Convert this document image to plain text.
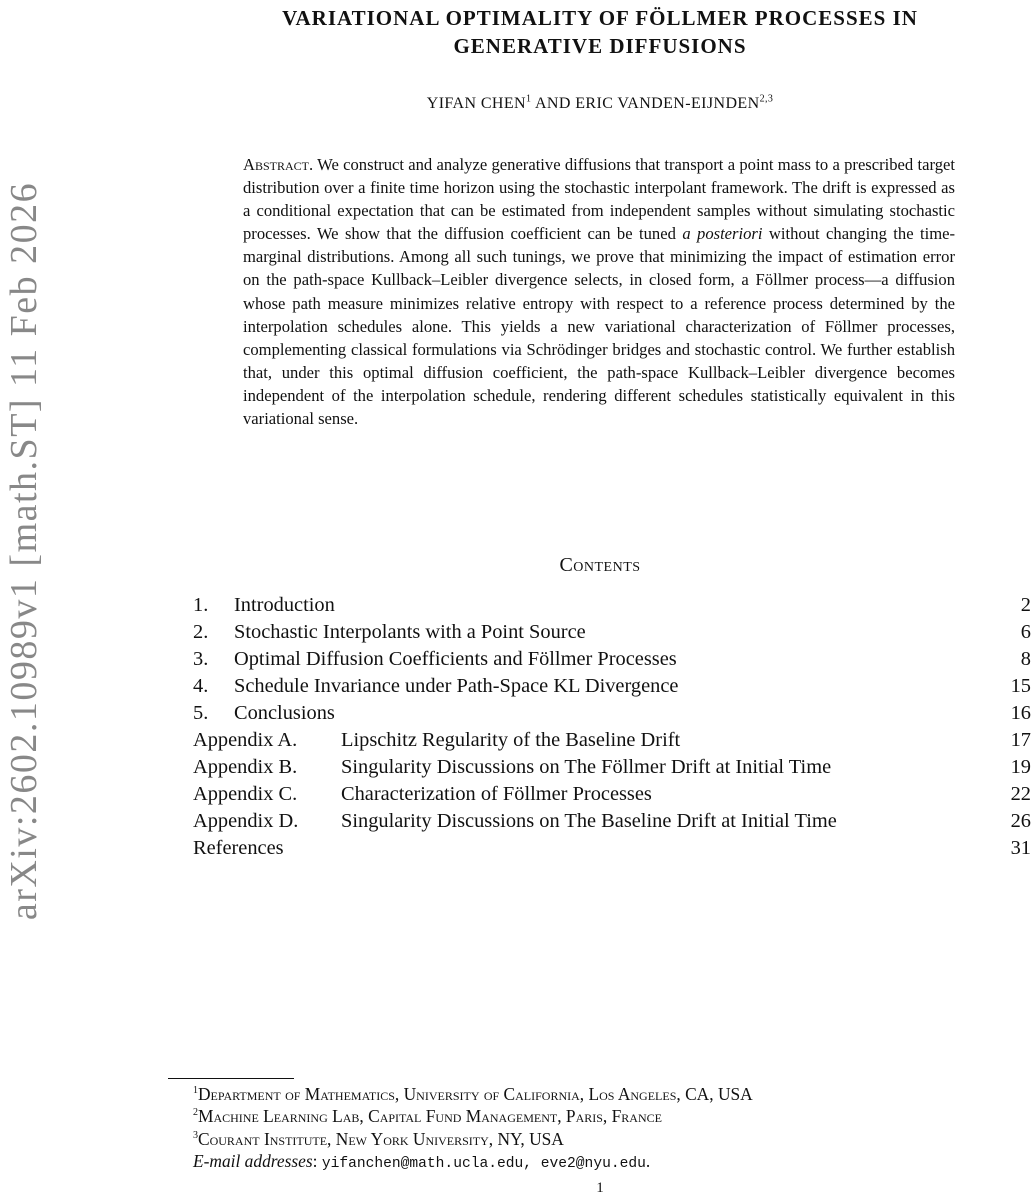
arXiv:2602.10989v1 [math.ST] 11 Feb 2026
VARIATIONAL OPTIMALITY OF FÖLLMER PROCESSES IN
GENERATIVE DIFFUSIONS
YIFAN CHEN$^1$ AND ERIC VANDEN-EIJNDEN$^{2,3}$
Abstract. We construct and analyze generative diffusions that transport a point mass to a prescribed target distribution over a finite time horizon using the stochastic interpolant framework. The drift is expressed as a conditional expectation that can be estimated from independent samples without simulating stochastic processes. We show that the diffusion coefficient can be tuned a posteriori without changing the time-marginal distributions. Among all such tunings, we prove that minimizing the impact of estimation error on the path-space Kullback–Leibler divergence selects, in closed form, a Föllmer process—a diffusion whose path measure minimizes relative entropy with respect to a reference process determined by the interpolation schedules alone. This yields a new variational characterization of Föllmer processes, complementing classical formulations via Schrödinger bridges and stochastic control. We further establish that, under this optimal diffusion coefficient, the path-space Kullback–Leibler divergence becomes independent of the interpolation schedule, rendering different schedules statistically equivalent in this variational sense.
Contents
1.	Introduction	2
2.	Stochastic Interpolants with a Point Source	6
3.	Optimal Diffusion Coefficients and Föllmer Processes	8
4.	Schedule Invariance under Path-Space KL Divergence	15
5.	Conclusions	16
Appendix A.	Lipschitz Regularity of the Baseline Drift	17
Appendix B.	Singularity Discussions on The Föllmer Drift at Initial Time	19
Appendix C.	Characterization of Föllmer Processes	22
Appendix D.	Singularity Discussions on The Baseline Drift at Initial Time	26
References	31
$^1$Department of Mathematics, University of California, Los Angeles, CA, USA
$^2$Machine Learning Lab, Capital Fund Management, Paris, France
$^3$Courant Institute, New York University, NY, USA
E-mail addresses: yifanchen@math.ucla.edu, eve2@nyu.edu.
1
